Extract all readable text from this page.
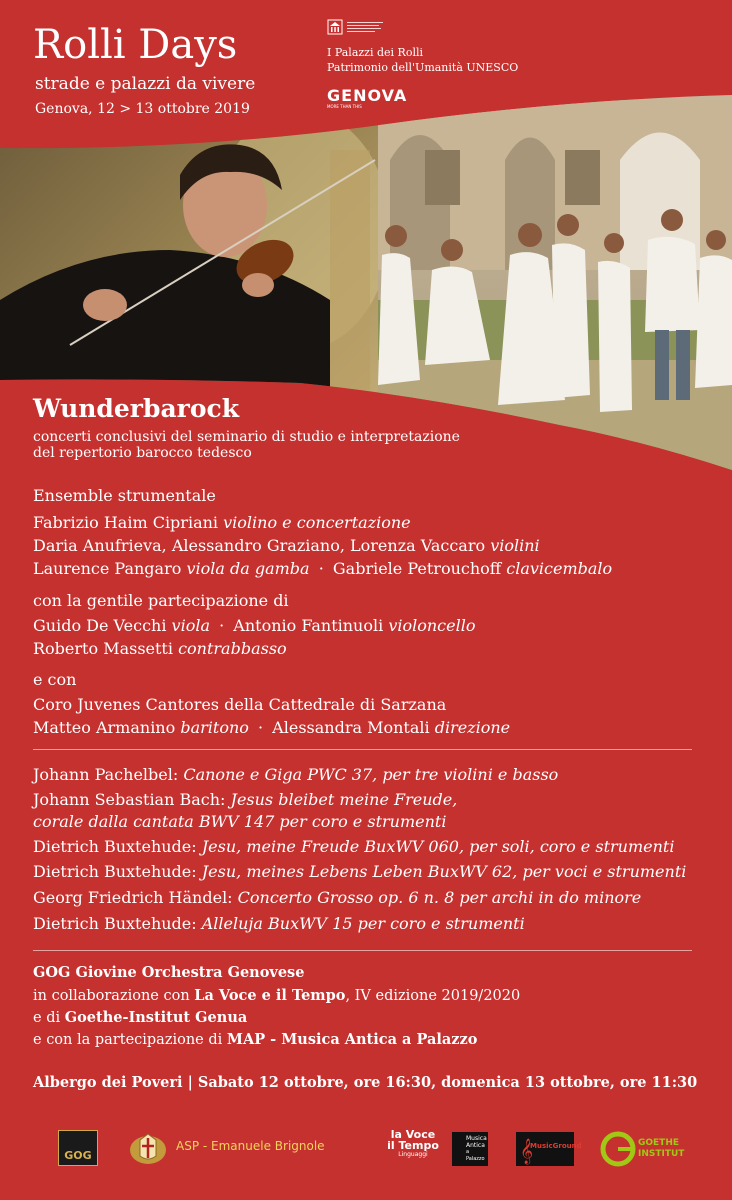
Rolli Days
strade e palazzi da vivere
Genova, 12 > 13 ottobre 2019
I Palazzi dei Rolli
Patrimonio dell'Umanità UNESCO
GENOVA
MORE THAN THIS
Wunderbarock
concerti conclusivi del seminario di studio e interpretazione
del repertorio barocco tedesco
Ensemble strumentale
Fabrizio Haim Cipriani violino e concertazione
Daria Anufrieva, Alessandro Graziano, Lorenza Vaccaro violini
Laurence Pangaro viola da gamba · Gabriele Petrouchoff clavicembalo
con la gentile partecipazione di
Guido De Vecchi viola · Antonio Fantinuoli violoncello
Roberto Massetti contrabbasso
e con
Coro Juvenes Cantores della Cattedrale di Sarzana
Matteo Armanino baritono · Alessandra Montali direzione
Johann Pachelbel: Canone e Giga PWC 37, per tre violini e basso
Johann Sebastian Bach: Jesus bleibet meine Freude,
corale dalla cantata BWV 147 per coro e strumenti
Dietrich Buxtehude: Jesu, meine Freude BuxWV 060, per soli, coro e strumenti
Dietrich Buxtehude: Jesu, meines Lebens Leben BuxWV 62, per voci e strumenti
Georg Friedrich Händel: Concerto Grosso op. 6 n. 8 per archi in do minore
Dietrich Buxtehude: Alleluja BuxWV 15 per coro e strumenti
GOG Giovine Orchestra Genovese
in collaborazione con La Voce e il Tempo, IV edizione 2019/2020
e di Goethe-Institut Genua
e con la partecipazione di MAP - Musica Antica a Palazzo
Albergo dei Poveri | Sabato 12 ottobre, ore 16:30, domenica 13 ottobre, ore 11:30
GOG
ASP - Emanuele Brignole
la Voce
il Tempo
Linguaggi
Musica
Antica
a Palazzo 𝄞
MusicGround	GOETHE
INSTITUT
